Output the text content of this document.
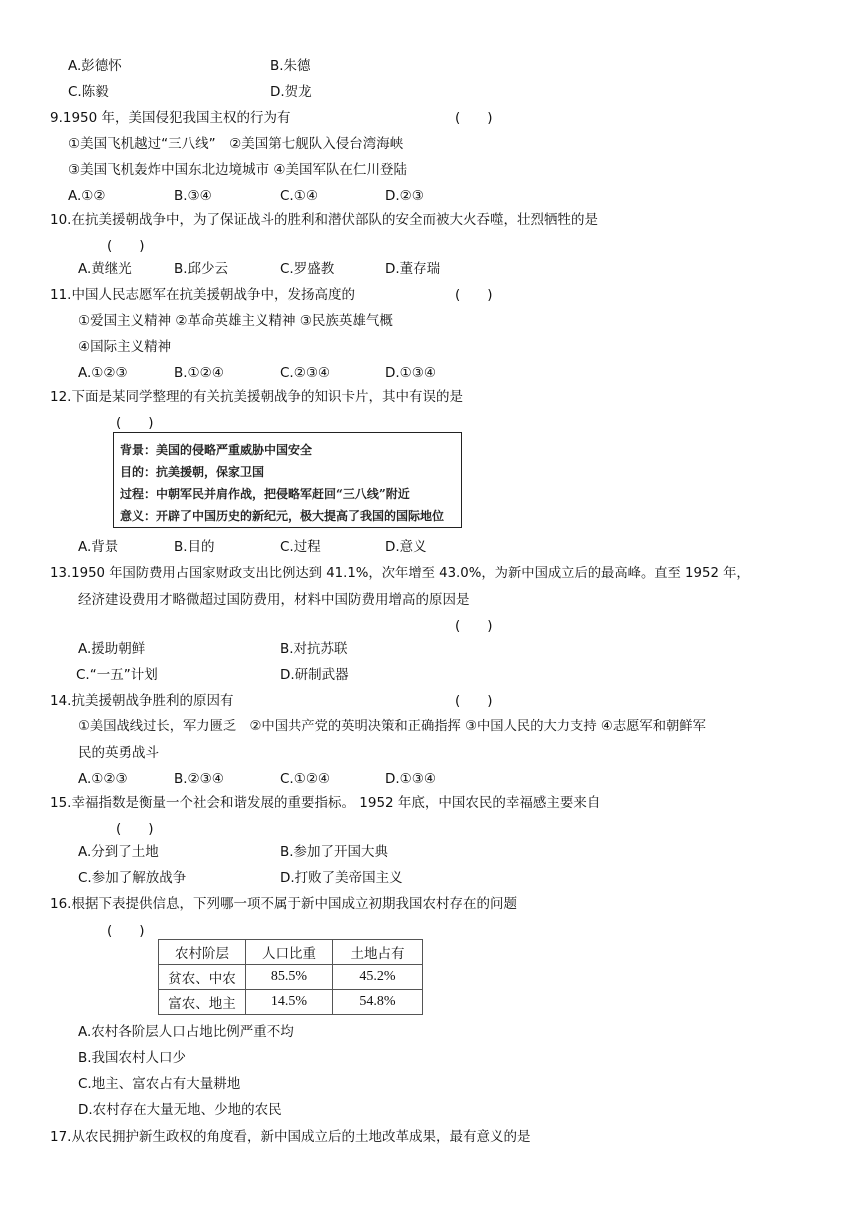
A.彭德怀	B.朱德
C.陈毅	D.贺龙
9.1950 年，美国侵犯我国主权的行为有	(　　)
①美国飞机越过“三八线”　②美国第七舰队入侵台湾海峡
③美国飞机轰炸中国东北边境城市 ④美国军队在仁川登陆
A.①②	B.③④	C.①④	D.②③
10.在抗美援朝战争中，为了保证战斗的胜利和潜伏部队的安全而被大火吞噬，壮烈牺牲的是
(　　)
A.黄继光	B.邱少云	C.罗盛教	D.董存瑞
11.中国人民志愿军在抗美援朝战争中，发扬高度的	(　　)
①爱国主义精神 ②革命英雄主义精神 ③民族英雄气概
④国际主义精神
A.①②③	B.①②④	C.②③④	D.①③④
12.下面是某同学整理的有关抗美援朝战争的知识卡片，其中有误的是
(　　)
背景：美国的侵略严重威胁中国安全
目的：抗美援朝，保家卫国
过程：中朝军民并肩作战，把侵略军赶回“三八线”附近
意义：开辟了中国历史的新纪元，极大提高了我国的国际地位
A.背景	B.目的	C.过程	D.意义
13.1950 年国防费用占国家财政支出比例达到 41.1%，次年增至 43.0%，为新中国成立后的最高峰。直至 1952 年，
经济建设费用才略微超过国防费用，材料中国防费用增高的原因是
(　　)
A.援助朝鲜	B.对抗苏联
C.“一五”计划	D.研制武器
14.抗美援朝战争胜利的原因有	(　　)
①美国战线过长，军力匮乏　②中国共产党的英明决策和正确指挥 ③中国人民的大力支持 ④志愿军和朝鲜军
民的英勇战斗
A.①②③	B.②③④	C.①②④	D.①③④
15.幸福指数是衡量一个社会和谐发展的重要指标。 1952 年底，中国农民的幸福感主要来自
(　　)
A.分到了土地	B.参加了开国大典
C.参加了解放战争	D.打败了美帝国主义
16.根据下表提供信息，下列哪一项不属于新中国成立初期我国农村存在的问题
(　　)
农村阶层	人口比重	土地占有
贫农、中农	85.5%	45.2%
富农、地主	14.5%	54.8%
A.农村各阶层人口占地比例严重不均
B.我国农村人口少
C.地主、富农占有大量耕地
D.农村存在大量无地、少地的农民
17.从农民拥护新生政权的角度看，新中国成立后的土地改革成果，最有意义的是
